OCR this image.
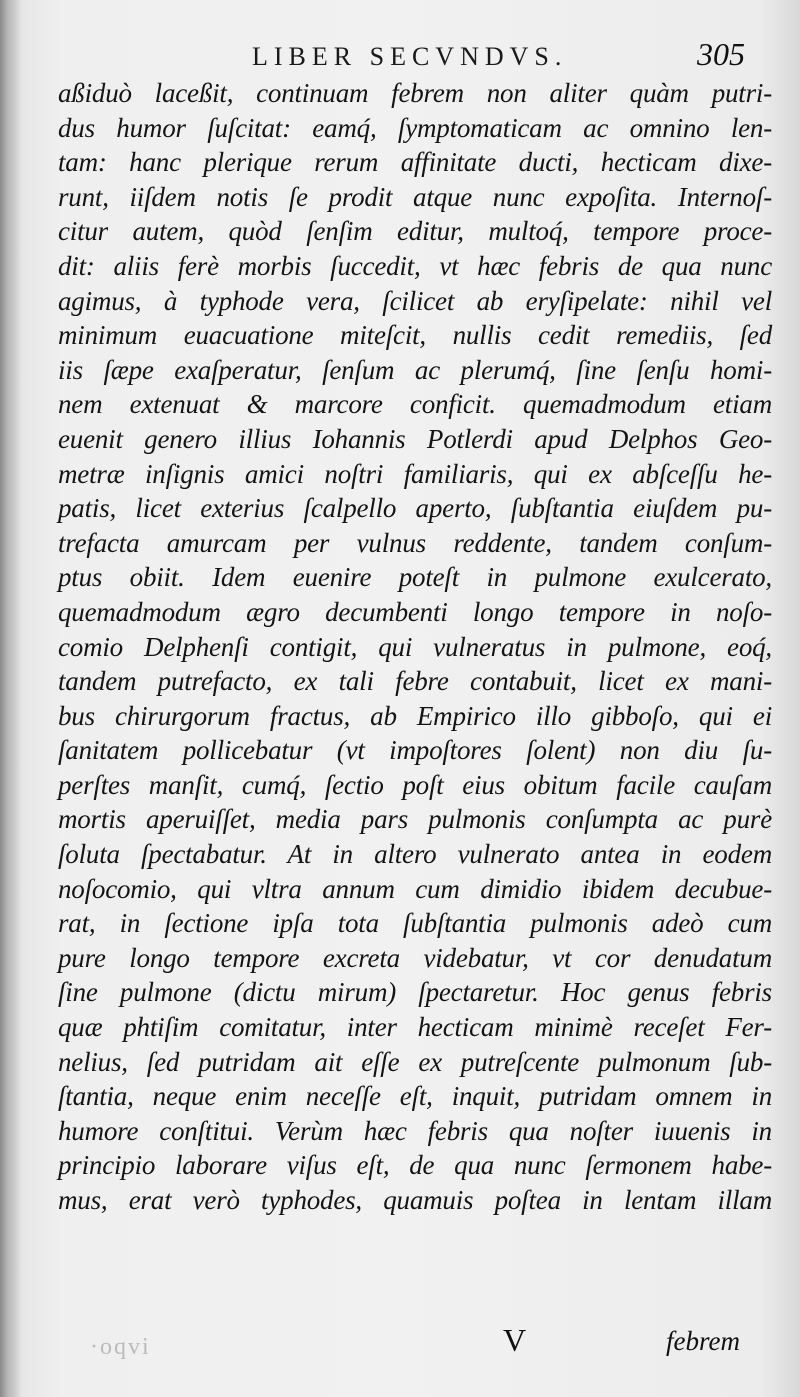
LIBER SECVNDVS.	305
aßiduò laceßit, continuam febrem non aliter quàm putri-
dus humor ſuſcitat: eamq́, ſymptomaticam ac omnino len-
tam: hanc plerique rerum affinitate ducti, hecticam dixe-
runt, iiſdem notis ſe prodit atque nunc expoſita. Internoſ-
citur autem, quòd ſenſim editur, multoq́, tempore proce-
dit: aliis ferè morbis ſuccedit, vt hæc febris de qua nunc
agimus, à typhode vera, ſcilicet ab eryſipelate: nihil vel
minimum euacuatione miteſcit, nullis cedit remediis, ſed
iis ſæpe exaſperatur, ſenſum ac plerumq́, ſine ſenſu homi-
nem extenuat & marcore conficit. quemadmodum etiam
euenit genero illius Iohannis Potlerdi apud Delphos Geo-
metræ inſignis amici noſtri familiaris, qui ex abſceſſu he-
patis, licet exterius ſcalpello aperto, ſubſtantia eiuſdem pu-
trefacta amurcam per vulnus reddente, tandem conſum-
ptus obiit. Idem euenire poteſt in pulmone exulcerato,
quemadmodum ægro decumbenti longo tempore in noſo-
comio Delphenſi contigit, qui vulneratus in pulmone, eoq́,
tandem putrefacto, ex tali febre contabuit, licet ex mani-
bus chirurgorum fractus, ab Empirico illo gibboſo, qui ei
ſanitatem pollicebatur (vt impoſtores ſolent) non diu ſu-
perſtes manſit, cumq́, ſectio poſt eius obitum facile cauſam
mortis aperuiſſet, media pars pulmonis conſumpta ac purè
ſoluta ſpectabatur. At in altero vulnerato antea in eodem
noſocomio, qui vltra annum cum dimidio ibidem decubue-
rat, in ſectione ipſa tota ſubſtantia pulmonis adeò cum
pure longo tempore excreta videbatur, vt cor denudatum
ſine pulmone (dictu mirum) ſpectaretur. Hoc genus febris
quæ phtiſim comitatur, inter hecticam minimè receſet Fer-
nelius, ſed putridam ait eſſe ex putreſcente pulmonum ſub-
ſtantia, neque enim neceſſe eſt, inquit, putridam omnem in
humore conſtitui. Verùm hæc febris qua noſter iuuenis in
principio laborare viſus eſt, de qua nunc ſermonem habe-
mus, erat verò typhodes, quamuis poſtea in lentam illam
·oqvi	V	febrem
